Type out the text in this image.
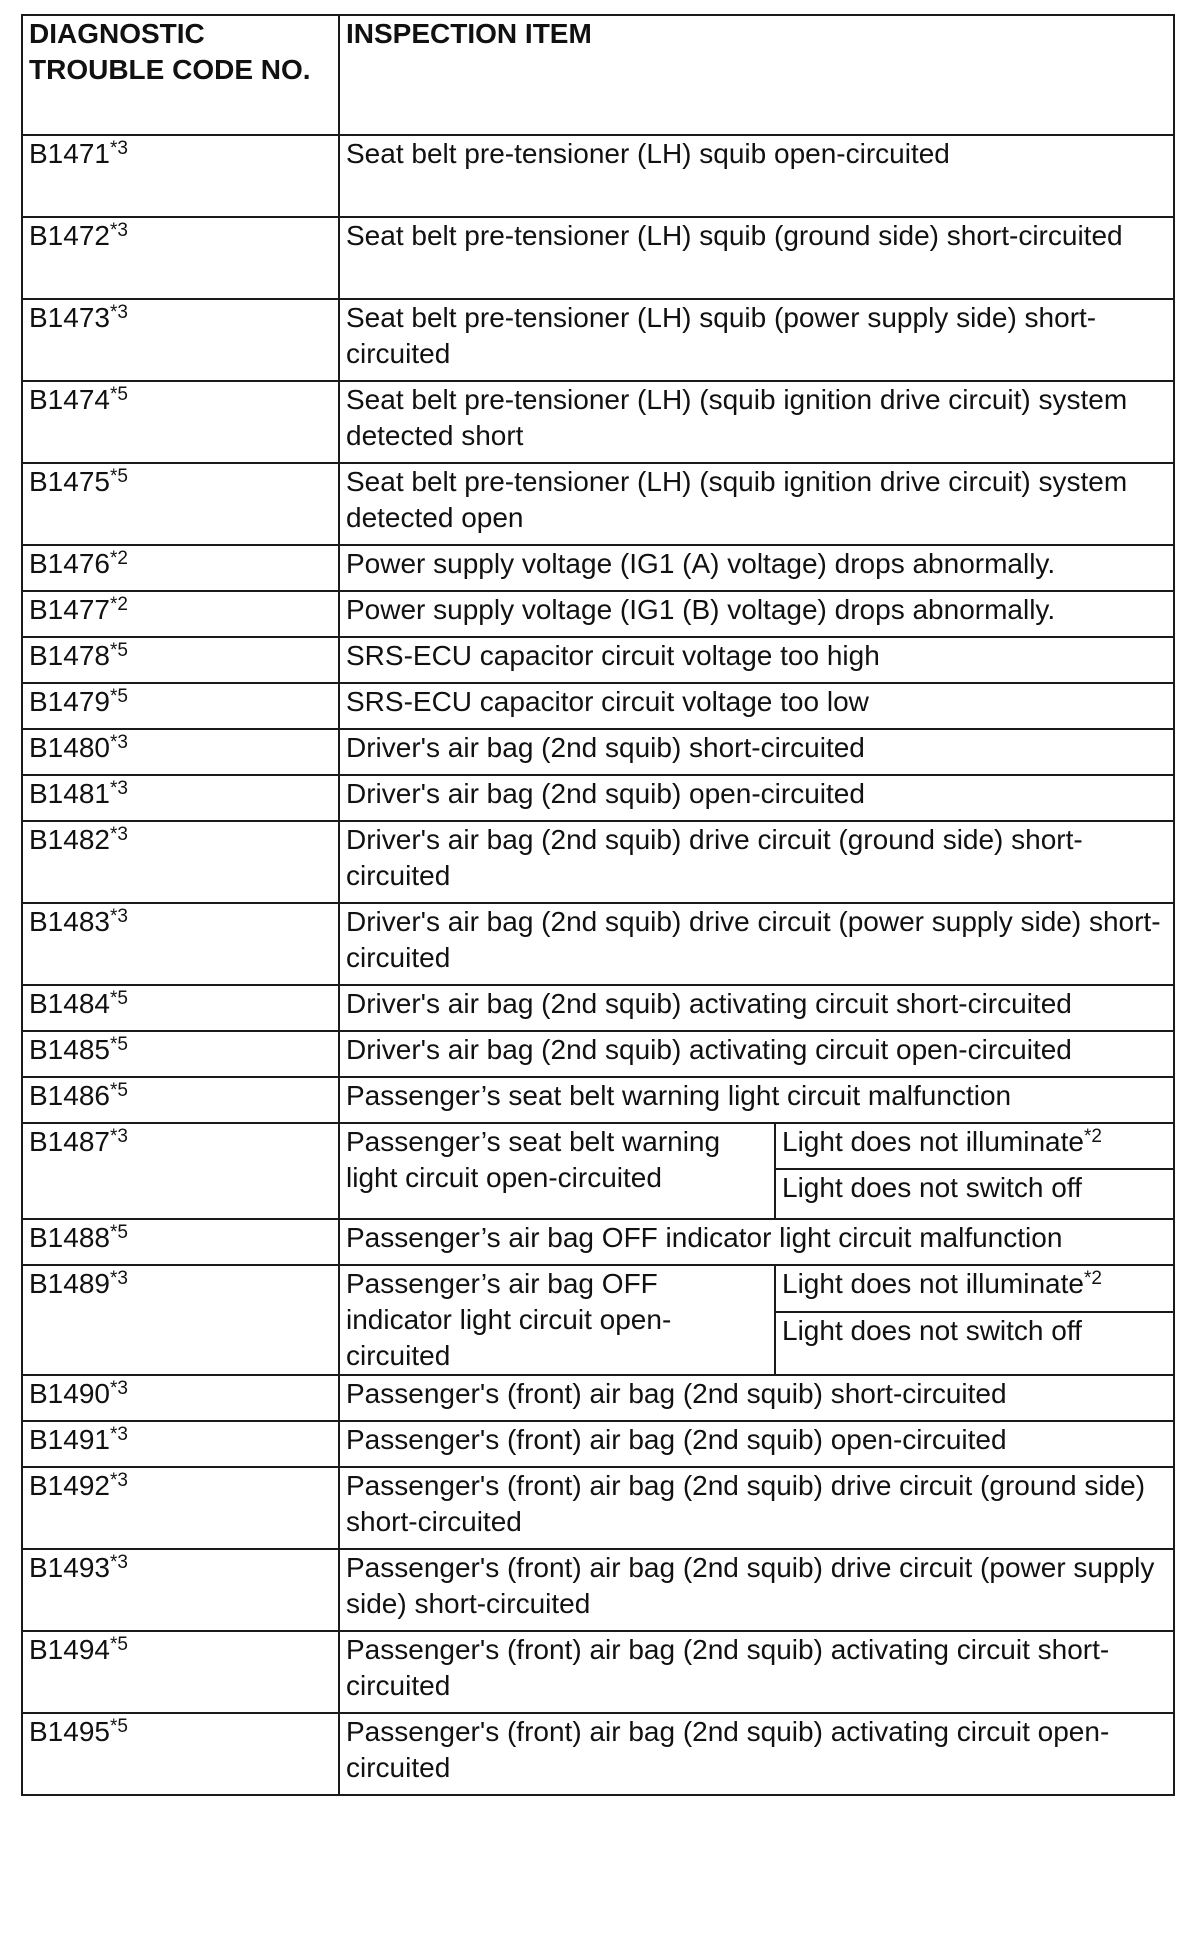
DIAGNOSTIC TROUBLE CODE NO.	INSPECTION ITEM	
B1471$^{*3}$	Seat belt pre-tensioner (LH) squib open-circuited	
B1472$^{*3}$	Seat belt pre-tensioner (LH) squib (ground side) short-circuited	
B1473$^{*3}$	Seat belt pre-tensioner (LH) squib (power supply side) short-circuited	
B1474$^{*5}$	Seat belt pre-tensioner (LH) (squib ignition drive circuit) system detected short	
B1475$^{*5}$	Seat belt pre-tensioner (LH) (squib ignition drive circuit) system detected open	
B1476$^{*2}$	Power supply voltage (IG1 (A) voltage) drops abnormally.	
B1477$^{*2}$	Power supply voltage (IG1 (B) voltage) drops abnormally.	
B1478$^{*5}$	SRS-ECU capacitor circuit voltage too high	
B1479$^{*5}$	SRS-ECU capacitor circuit voltage too low	
B1480$^{*3}$	Driver's air bag (2nd squib) short-circuited	
B1481$^{*3}$	Driver's air bag (2nd squib) open-circuited	
B1482$^{*3}$	Driver's air bag (2nd squib) drive circuit (ground side) short-circuited	
B1483$^{*3}$	Driver's air bag (2nd squib) drive circuit (power supply side) short-circuited	
B1484$^{*5}$	Driver's air bag (2nd squib) activating circuit short-circuited	
B1485$^{*5}$	Driver's air bag (2nd squib) activating circuit open-circuited	
B1486$^{*5}$	Passenger’s seat belt warning light circuit malfunction	
B1487$^{*3}$	Passenger’s seat belt warning light circuit open-circuited	Light does not illuminate$^{*2}$
		Light does not switch off
B1488$^{*5}$	Passenger’s air bag OFF indicator light circuit malfunction	
B1489$^{*3}$	Passenger’s air bag OFF indicator light circuit open-circuited	Light does not illuminate$^{*2}$
		Light does not switch off
B1490$^{*3}$	Passenger's (front) air bag (2nd squib) short-circuited	
B1491$^{*3}$	Passenger's (front) air bag (2nd squib) open-circuited	
B1492$^{*3}$	Passenger's (front) air bag (2nd squib) drive circuit (ground side) short-circuited	
B1493$^{*3}$	Passenger's (front) air bag (2nd squib) drive circuit (power supply side) short-circuited	
B1494$^{*5}$	Passenger's (front) air bag (2nd squib) activating circuit short-circuited	
B1495$^{*5}$	Passenger's (front) air bag (2nd squib) activating circuit open-circuited	
